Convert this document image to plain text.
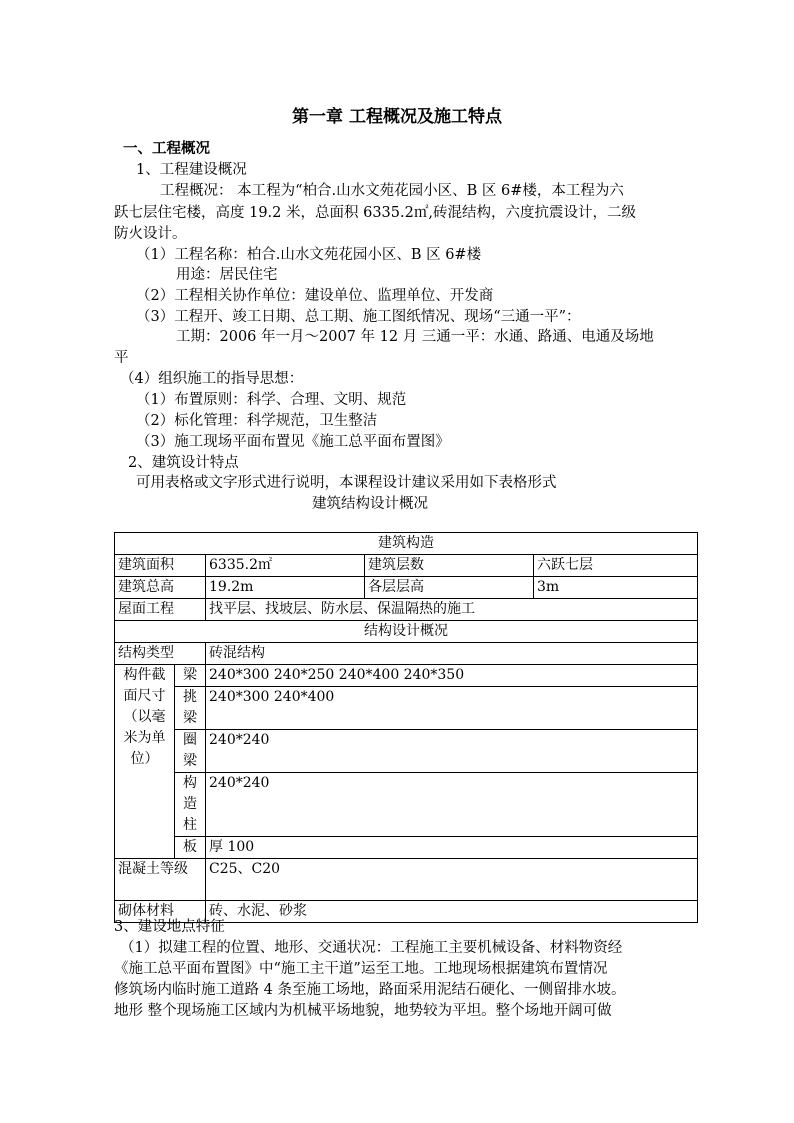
第一章 工程概况及施工特点
一、工程概况
1、工程建设概况
工程概况： 本工程为“柏合.山水文苑花园小区、B 区 6#楼，本工程为六
跃七层住宅楼，高度 19.2 米，总面积 6335.2㎡,砖混结构，六度抗震设计，二级
防火设计。
（1）工程名称：柏合.山水文苑花园小区、B 区 6#楼
用途：居民住宅
（2）工程相关协作单位：建设单位、监理单位、开发商
（3）工程开、竣工日期、总工期、施工图纸情况、现场“三通一平”：
工期：2006 年一月～2007 年 12 月 三通一平：水通、路通、电通及场地
平
（4）组织施工的指导思想：
（1）布置原则：科学、合理、文明、规范
（2）标化管理：科学规范，卫生整洁
（3）施工现场平面布置见《施工总平面布置图》
2、建筑设计特点
可用表格或文字形式进行说明，本课程设计建议采用如下表格形式
建筑结构设计概况
建筑构造				
建筑面积		6335.2㎡	建筑层数	六跃七层
建筑总高		19.2m	各层层高	3m
屋面工程		找平层、找坡层、防水层、保温隔热的施工		
结构设计概况				
结构类型		砖混结构		
构件截面尺寸（以毫米为单位）	梁	240*300 240*250 240*400 240*350		
	挑梁	240*300 240*400		
	圈梁	240*240		
	构造柱	240*240		
	板	厚 100		
混凝土等级		C25、C20		
砌体材料		砖、水泥、砂浆		
3、建设地点特征
（1）拟建工程的位置、地形、交通状况：工程施工主要机械设备、材料物资经
《施工总平面布置图》中“施工主干道”运至工地。工地现场根据建筑布置情况
修筑场内临时施工道路 4 条至施工场地，路面采用泥结石硬化、一侧留排水坡。
地形 整个现场施工区域内为机械平场地貌，地势较为平坦。整个场地开阔可做
